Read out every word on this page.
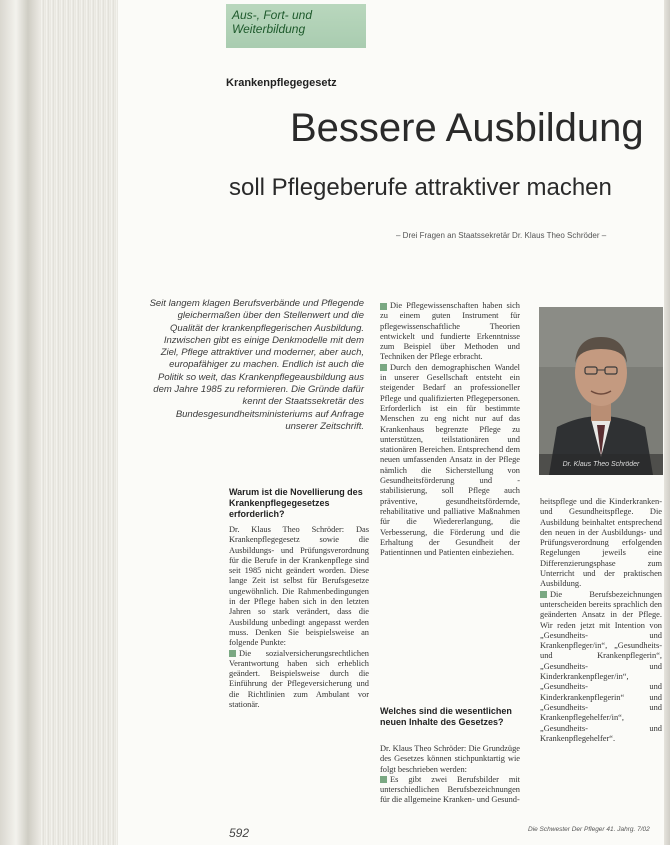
Aus-, Fort- und Weiterbildung
Krankenpflegegesetz
Bessere Ausbildung
soll Pflegeberufe attraktiver machen
– Drei Fragen an Staatssekretär Dr. Klaus Theo Schröder –
Seit langem klagen Berufsverbände und Pflegende gleichermaßen über den Stellenwert und die Qualität der krankenpflegerischen Ausbildung. Inzwischen gibt es einige Denkmodelle mit dem Ziel, Pflege attraktiver und moderner, aber auch, europafähiger zu machen. Endlich ist auch die Politik so weit, das Krankenpflegeausbildung aus dem Jahre 1985 zu reformieren. Die Gründe dafür kennt der Staatssekretär des Bundesgesundheitsministeriums auf Anfrage unserer Zeitschrift.
Warum ist die Novellierung des Krankenpflegegesetzes erforderlich?

Dr. Klaus Theo Schröder: Das Krankenpflegegesetz sowie die Ausbildungs- und Prüfungsverordnung für die Berufe in der Krankenpflege sind seit 1985 nicht geändert worden. Diese lange Zeit ist selbst für Berufsgesetze ungewöhnlich. Die Rahmenbedingungen in der Pflege haben sich in den letzten Jahren so stark verändert, dass die Ausbildung unbedingt angepasst werden muss. Denken Sie beispielsweise an folgende Punkte:

Die sozialversicherungsrechtlichen Verantwortung haben sich erheblich geändert. Beispielsweise durch die Einführung der Pflegeversicherung und die Richtlinien zum Ambulant vor stationär.

Die Pflegewissenschaften haben sich zu einem guten Instrument für pflegewissenschaftliche Theorien entwickelt und fundierte Erkenntnisse zum Beispiel über Methoden und Techniken der Pflege erbracht.

Durch den demographischen Wandel in unserer Gesellschaft entsteht ein steigender Bedarf an professioneller Pflege und qualifizierten Pflegepersonen. Erforderlich ist ein für bestimmte Menschen zu eng nicht nur auf das Krankenhaus begrenzte Pflege zu unterstützen, teilstationären und stationären Bereichen. Entsprechend dem neuen umfassenden Ansatz in der Pflege nämlich die Sicherstellung von Gesundheitsförderung und -stabilisierung, soll Pflege auch präventive, gesundheitsfördernde, rehabilitative und palliative Maßnahmen für die Wiedererlangung, die Verbesserung, die Förderung und die Erhaltung der Gesundheit der Patientinnen und Patienten einbeziehen.

Welches sind die wesentlichen neuen Inhalte des Gesetzes?

Dr. Klaus Theo Schröder: Die Grundzüge des Gesetzes können stichpunktartig wie folgt beschrieben werden:

Es gibt zwei Berufsbilder mit unterschiedlichen Berufsbezeichnungen für die allgemeine Kranken- und Gesund-

Dr. Klaus Theo Schröder

heitspflege und die Kinderkranken- und Gesundheitspflege. Die Ausbildung beinhaltet entsprechend den neuen in der Ausbildungs- und Prüfungsverordnung erfolgenden Regelungen jeweils eine Differenzierungsphase zum Unterricht und der praktischen Ausbildung.

Die Berufsbezeichnungen unterscheiden bereits sprachlich den geänderten Ansatz in der Pflege. Wir reden jetzt mit Intention von „Gesundheits- und Krankenpfleger/in“, „Gesundheits- und Krankenpflegerin“, „Gesundheits- und Kinderkrankenpfleger/in“, „Gesundheits- und Kinderkrankenpflegerin“ und „Gesundheits- und Krankenpflegehelfer/in“, „Gesundheits- und Krankenpflegehelfer“.

592	Die Schwester Der Pfleger 41. Jahrg. 7/02
